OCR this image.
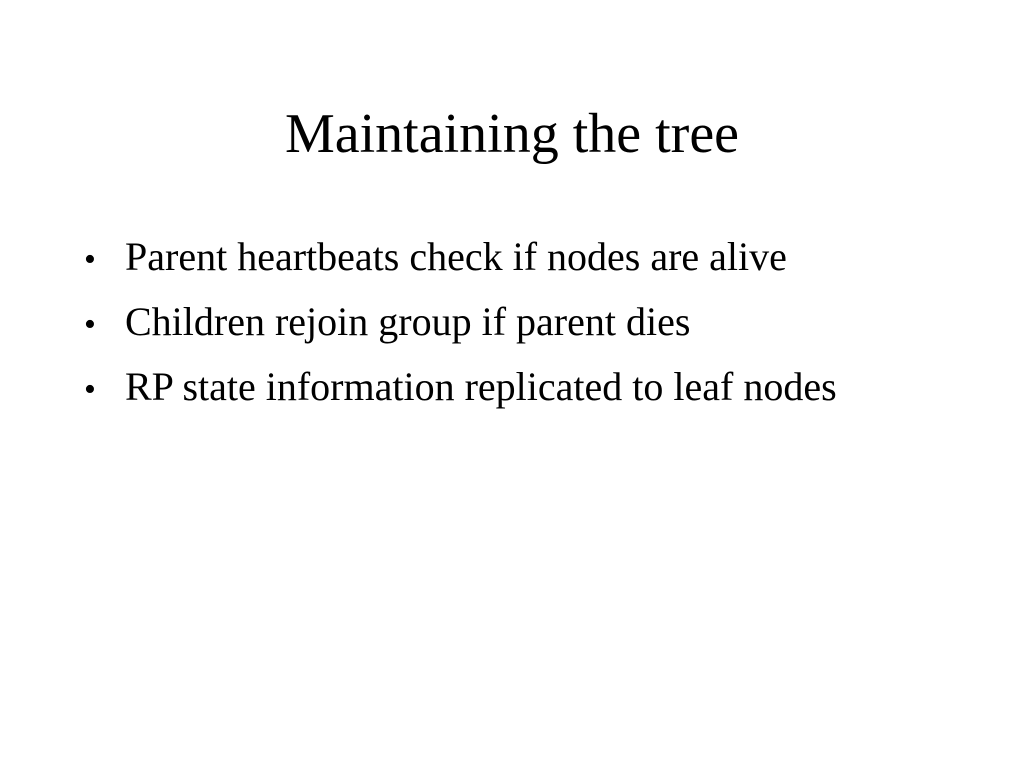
Maintaining the tree
• Parent heartbeats check if nodes are alive
• Children rejoin group if parent dies
• RP state information replicated to leaf nodes
